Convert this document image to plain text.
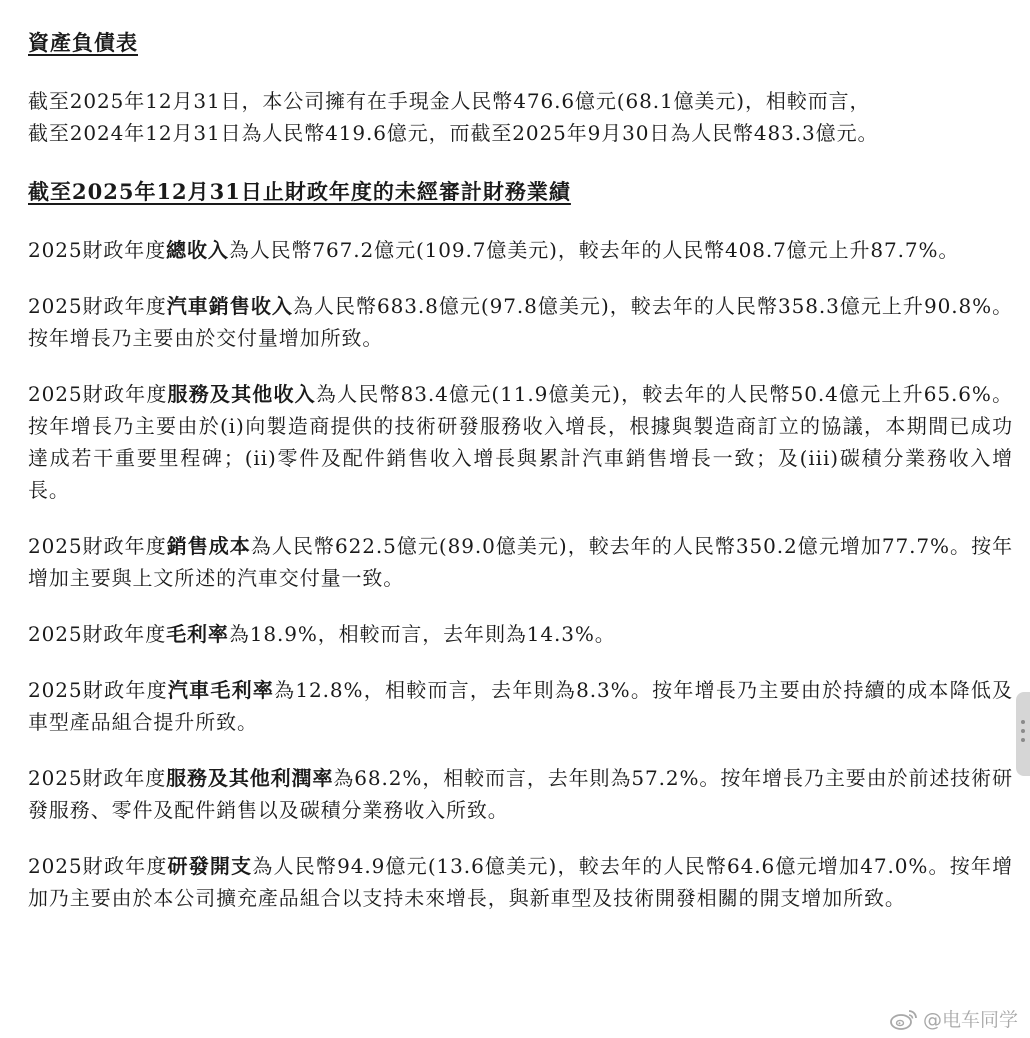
資產負債表

截至2025年12月31日，本公司擁有在手現金人民幣476.6億元(68.1億美元)，相較而言，
截至2024年12月31日為人民幣419.6億元，而截至2025年9月30日為人民幣483.3億元。

截至2025年12月31日止財政年度的未經審計財務業績

2025財政年度總收入為人民幣767.2億元(109.7億美元)，較去年的人民幣408.7億元上升87.7%。

2025財政年度汽車銷售收入為人民幣683.8億元(97.8億美元)，較去年的人民幣358.3億元上升90.8%。按年增長乃主要由於交付量增加所致。

2025財政年度服務及其他收入為人民幣83.4億元(11.9億美元)，較去年的人民幣50.4億元上升65.6%。按年增長乃主要由於(i)向製造商提供的技術研發服務收入增長，根據與製造商訂立的協議，本期間已成功達成若干重要里程碑；(ii)零件及配件銷售收入增長與累計汽車銷售增長一致；及(iii)碳積分業務收入增長。

2025財政年度銷售成本為人民幣622.5億元(89.0億美元)，較去年的人民幣350.2億元增加77.7%。按年增加主要與上文所述的汽車交付量一致。

2025財政年度毛利率為18.9%，相較而言，去年則為14.3%。

2025財政年度汽車毛利率為12.8%，相較而言，去年則為8.3%。按年增長乃主要由於持續的成本降低及車型產品組合提升所致。

2025財政年度服務及其他利潤率為68.2%，相較而言，去年則為57.2%。按年增長乃主要由於前述技術研發服務、零件及配件銷售以及碳積分業務收入所致。

2025財政年度研發開支為人民幣94.9億元(13.6億美元)，較去年的人民幣64.6億元增加47.0%。按年增加乃主要由於本公司擴充產品組合以支持未來增長，與新車型及技術開發相關的開支增加所致。

@电车同学
